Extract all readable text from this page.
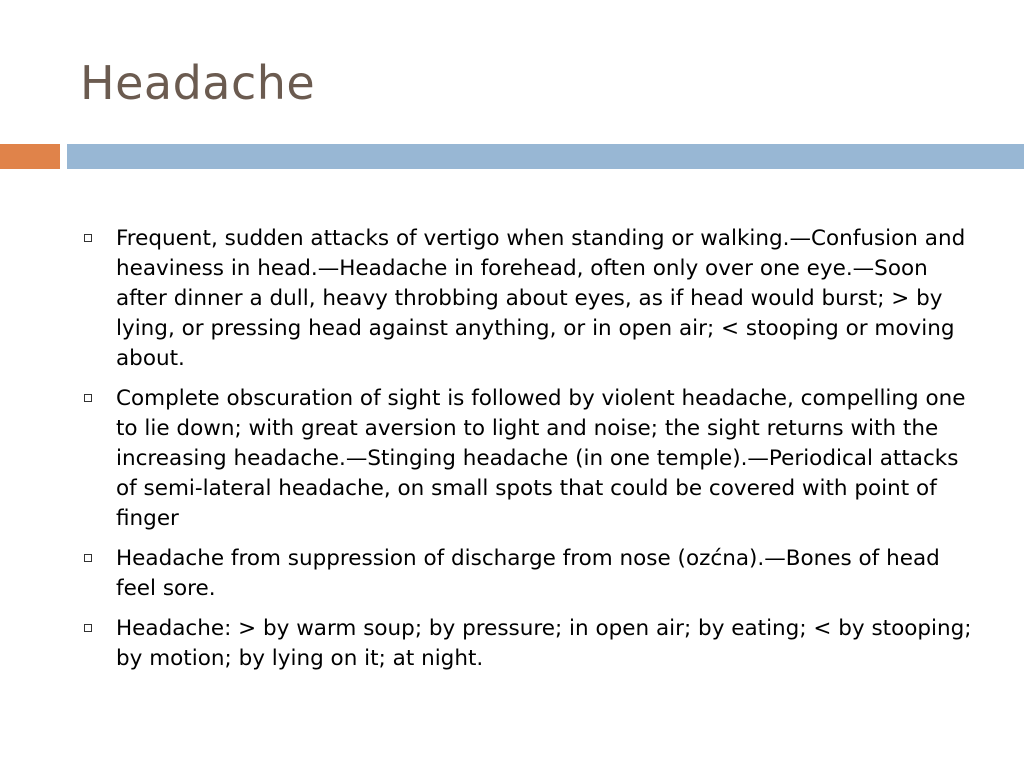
Headache
Frequent, sudden attacks of vertigo when standing or walking.—Confusion and heaviness in head.—Headache in forehead, often only over one eye.—Soon after dinner a dull, heavy throbbing about eyes, as if head would burst; > by lying, or pressing head against anything, or in open air; < stooping or moving about.
Complete obscuration of sight is followed by violent headache, compelling one to lie down; with great aversion to light and noise; the sight returns with the increasing headache.—Stinging headache (in one temple).—Periodical attacks of semi-lateral headache, on small spots that could be covered with point of finger
Headache from suppression of discharge from nose (ozćna).—Bones of head feel sore.
Headache: > by warm soup; by pressure; in open air; by eating; < by stooping; by motion; by lying on it; at night.
